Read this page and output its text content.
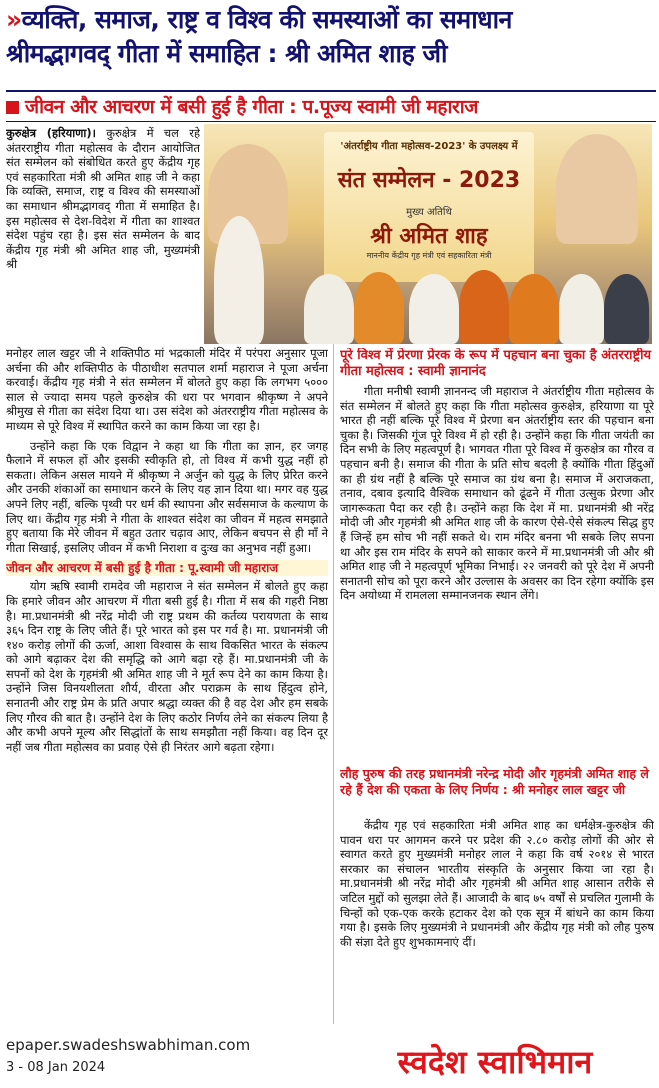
»व्यक्ति, समाज, राष्ट्र व विश्व की समस्याओं का समाधान
श्रीमद्भागवद् गीता में समाहित : श्री अमित शाह जी
जीवन और आचरण में बसी हुई है गीता : प.पूज्य स्वामी जी महाराज
'अंतर्राष्ट्रीय गीता महोत्सव-2023' के उपलक्ष्य में
संत सम्मेलन - 2023
मुख्य अतिथि
श्री अमित शाह
माननीय केंद्रीय गृह मंत्री एवं सहकारिता मंत्री

कुरुक्षेत्र (हरियाणा)। कुरुक्षेत्र में चल रहे अंतरराष्ट्रीय गीता महोत्सव के दौरान आयोजित संत सम्मेलन को संबोधित करते हुए केंद्रीय गृह एवं सहकारिता मंत्री श्री अमित शाह जी ने कहा कि व्यक्ति, समाज, राष्ट्र व विश्व की समस्याओं का समाधान श्रीमद्भागवद् गीता में समाहित है। इस महोत्सव से देश-विदेश में गीता का शाश्वत संदेश पहुंच रहा है। इस संत सम्मेलन के बाद केंद्रीय गृह मंत्री श्री अमित शाह जी, मुख्यमंत्री श्री

मनोहर लाल खट्टर जी ने शक्तिपीठ मां भद्रकाली मंदिर में परंपरा अनुसार पूजा अर्चना की और शक्तिपीठ के पीठाधीश सतपाल शर्मा महाराज ने पूजा अर्चना करवाई। केंद्रीय गृह मंत्री ने संत सम्मेलन में बोलते हुए कहा कि लगभग ५००० साल से ज्यादा समय पहले कुरुक्षेत्र की धरा पर भगवान श्रीकृष्ण ने अपने श्रीमुख से गीता का संदेश दिया था। उस संदेश को अंतरराष्ट्रीय गीता महोत्सव के माध्यम से पूरे विश्व में स्थापित करने का काम किया जा रहा है।

उन्होंने कहा कि एक विद्वान ने कहा था कि गीता का ज्ञान, हर जगह फैलाने में सफल हों और इसकी स्वीकृति हो, तो विश्व में कभी युद्ध नहीं हो सकता। लेकिन असल मायने में श्रीकृष्ण ने अर्जुन को युद्ध के लिए प्रेरित करने और उनकी शंकाओं का समाधान करने के लिए यह ज्ञान दिया था। मगर वह युद्ध अपने लिए नहीं, बल्कि पृथ्वी पर धर्म की स्थापना और सर्वसमाज के कल्याण के लिए था। केंद्रीय गृह मंत्री ने गीता के शाश्वत संदेश का जीवन में महत्व समझाते हुए बताया कि मेरे जीवन में बहुत उतार चढ़ाव आए, लेकिन बचपन से ही माँ ने गीता सिखाई, इसलिए जीवन में कभी निराशा व दुःख का अनुभव नहीं हुआ।

जीवन और आचरण में बसी हुई है गीता : पू.स्वामी जी महाराज

योग ऋषि स्वामी रामदेव जी महाराज ने संत सम्मेलन में बोलते हुए कहा कि हमारे जीवन और आचरण में गीता बसी हुई है। गीता में सब की गहरी निष्ठा है। मा.प्रधानमंत्री श्री नरेंद्र मोदी जी राष्ट्र प्रथम की कर्तव्य परायणता के साथ ३६५ दिन राष्ट्र के लिए जीते हैं। पूरे भारत को इस पर गर्व है। मा. प्रधानमंत्री जी १४० करोड़ लोगों की ऊर्जा, आशा विश्वास के साथ विकसित भारत के संकल्प को आगे बढ़ाकर देश की समृद्धि को आगे बढ़ा रहे हैं। मा.प्रधानमंत्री जी के सपनों को देश के गृहमंत्री श्री अमित शाह जी ने मूर्त रूप देने का काम किया है। उन्होंने जिस विनयशीलता शौर्य, वीरता और पराक्रम के साथ हिंदुत्व होने, सनातनी और राष्ट्र प्रेम के प्रति अपार श्रद्धा व्यक्त की है वह देश और हम सबके लिए गौरव की बात है। उन्होंने देश के लिए कठोर निर्णय लेने का संकल्प लिया है और कभी अपने मूल्य और सिद्धांतों के साथ समझौता नहीं किया। वह दिन दूर नहीं जब गीता महोत्सव का प्रवाह ऐसे ही निरंतर आगे बढ़ता रहेगा।

पूरे विश्व में प्रेरणा प्रेरक के रूप में पहचान बना चुका है अंतरराष्ट्रीय गीता महोत्सव : स्वामी ज्ञानानंद

गीता मनीषी स्वामी ज्ञाननन्द जी महाराज ने अंतर्राष्ट्रीय गीता महोत्सव के संत सम्मेलन में बोलते हुए कहा कि गीता महोत्सव कुरुक्षेत्र, हरियाणा या पूरे भारत ही नहीं बल्कि पूरे विश्व में प्रेरणा बन अंतर्राष्ट्रीय स्तर की पहचान बना चुका है। जिसकी गूंज पूरे विश्व में हो रही है। उन्होंने कहा कि गीता जयंती का दिन सभी के लिए महत्वपूर्ण है। भागवत गीता पूरे विश्व में कुरुक्षेत्र का गौरव व पहचान बनी है। समाज की गीता के प्रति सोच बदली है क्योंकि गीता हिंदुओं का ही ग्रंथ नहीं है बल्कि पूरे समाज का ग्रंथ बना है। समाज में अराजकता, तनाव, दबाव इत्यादि वैश्विक समाधान को ढूंढने में गीता उत्सुक प्रेरणा और जागरूकता पैदा कर रही है। उन्होंने कहा कि देश में मा. प्रधानमंत्री श्री नरेंद्र मोदी जी और गृहमंत्री श्री अमित शाह जी के कारण ऐसे-ऐसे संकल्प सिद्ध हुए हैं जिन्हें हम सोच भी नहीं सकते थे। राम मंदिर बनना भी सबके लिए सपना था और इस राम मंदिर के सपने को साकार करने में मा.प्रधानमंत्री जी और श्री अमित शाह जी ने महत्वपूर्ण भूमिका निभाई। २२ जनवरी को पूरे देश में अपनी सनातनी सोच को पूरा करने और उल्लास के अवसर का दिन रहेगा क्योंकि इस दिन अयोध्या में रामलला सम्मानजनक स्थान लेंगे।

लौह पुरुष की तरह प्रधानमंत्री नरेन्द्र मोदी और गृहमंत्री अमित शाह ले रहे हैं देश की एकता के लिए निर्णय : श्री मनोहर लाल खट्टर जी

केंद्रीय गृह एवं सहकारिता मंत्री अमित शाह का धर्मक्षेत्र-कुरुक्षेत्र की पावन धरा पर आगमन करने पर प्रदेश की २.८० करोड़ लोगों की ओर से स्वागत करते हुए मुख्यमंत्री मनोहर लाल ने कहा कि वर्ष २०१४ से भारत सरकार का संचालन भारतीय संस्कृति के अनुसार किया जा रहा है। मा.प्रधानमंत्री श्री नरेंद्र मोदी और गृहमंत्री श्री अमित शाह आसान तरीके से जटिल मुद्दों को सुलझा लेते हैं। आजादी के बाद ७५ वर्षों से प्रचलित गुलामी के चिन्हों को एक-एक करके हटाकर देश को एक सूत्र में बांधने का काम किया गया है। इसके लिए मुख्यमंत्री ने प्रधानमंत्री और केंद्रीय गृह मंत्री को लौह पुरुष की संज्ञा देते हुए शुभकामनाएं दीं।

epaper.swadeshswabhiman.com
3 - 08 Jan 2024	स्वदेश स्वाभिमान
